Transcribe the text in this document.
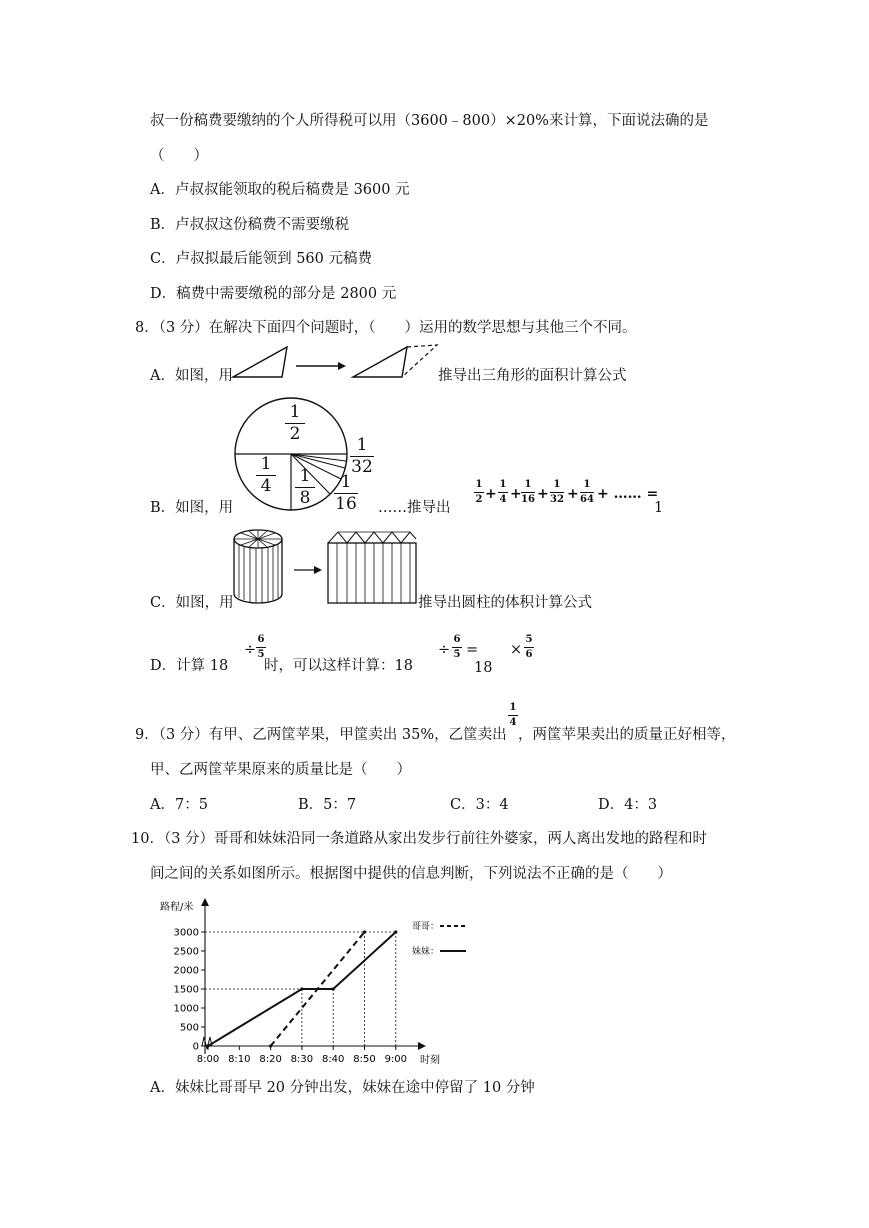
叔一份稿费要缴纳的个人所得税可以用（3600﹣800）×20%来计算，下面说法确的是
（　　）
A．卢叔叔能领取的税后稿费是 3600 元
B．卢叔叔这份稿费不需要缴税
C．卢叔拟最后能领到 560 元稿费
D．稿费中需要缴税的部分是 2800 元
8．（3 分）在解决下面四个问题时，（　　）运用的数学思想与其他三个不同。
A．如图，用	推导出三角形的面积计算公式
1
2
1
4 1
8
1
16
1
32
B．如图，用	……推导出
1
2 +
1
4 +
1
16 +
1
32 +
1
64 + …… =
1
C．如图，用	推导出圆柱的体积计算公式
D．计算 18
÷
6
5
时，可以这样计算：18
÷
6
5 =
18
×
5
6
9．（3 分）有甲、乙两筐苹果，甲筐卖出 35%，乙筐卖出
1
4
，两筐苹果卖出的质量正好相等，
甲、乙两筐苹果原来的质量比是（　　）
A．7：5	B．5：7	C．3：4	D．4：3
10．（3 分）哥哥和妹妹沿同一条道路从家出发步行前往外婆家，两人离出发地的路程和时
间之间的关系如图所示。根据图中提供的信息判断，下列说法不正确的是（　　）
路程/米
时刻
0
500
1000
1500
2000
2500
3000
8:00 8:10 8:20 8:30 8:40 8:50 9:00
哥哥：
妹妹：
A．妹妹比哥哥早 20 分钟出发，妹妹在途中停留了 10 分钟
